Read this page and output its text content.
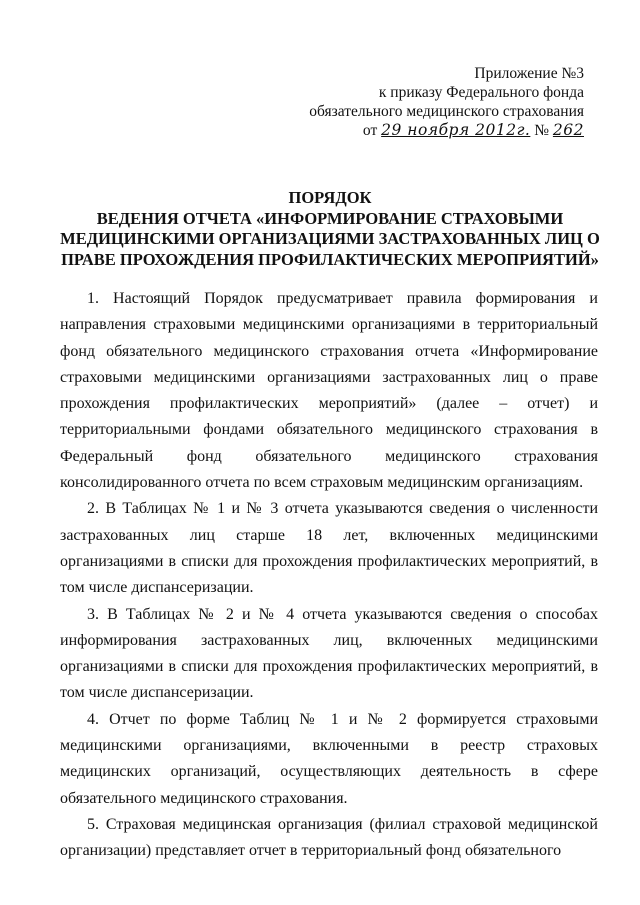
Приложение №3
к приказу Федерального фонда
обязательного медицинского страхования
от 29 ноября 2012г. № 262
ПОРЯДОК
ВЕДЕНИЯ ОТЧЕТА «ИНФОРМИРОВАНИЕ СТРАХОВЫМИ
МЕДИЦИНСКИМИ ОРГАНИЗАЦИЯМИ ЗАСТРАХОВАННЫХ ЛИЦ О
ПРАВЕ ПРОХОЖДЕНИЯ ПРОФИЛАКТИЧЕСКИХ МЕРОПРИЯТИЙ»

1. Настоящий Порядок предусматривает правила формирования и направления страховыми медицинскими организациями в территориальный фонд обязательного медицинского страхования отчета «Информирование страховыми медицинскими организациями застрахованных лиц о праве прохождения профилактических мероприятий» (далее – отчет) и территориальными фондами обязательного медицинского страхования в Федеральный фонд обязательного медицинского страхования консолидированного отчета по всем страховым медицинским организациям.

2. В Таблицах № 1 и № 3 отчета указываются сведения о численности застрахованных лиц старше 18 лет, включенных медицинскими организациями в списки для прохождения профилактических мероприятий, в том числе диспансеризации.

3. В Таблицах № 2 и № 4 отчета указываются сведения о способах информирования застрахованных лиц, включенных медицинскими организациями в списки для прохождения профилактических мероприятий, в том числе диспансеризации.

4. Отчет по форме Таблиц № 1 и № 2 формируется страховыми медицинскими организациями, включенными в реестр страховых медицинских организаций, осуществляющих деятельность в сфере обязательного медицинского страхования.

5. Страховая медицинская организация (филиал страховой медицинской организации) представляет отчет в территориальный фонд обязательного
